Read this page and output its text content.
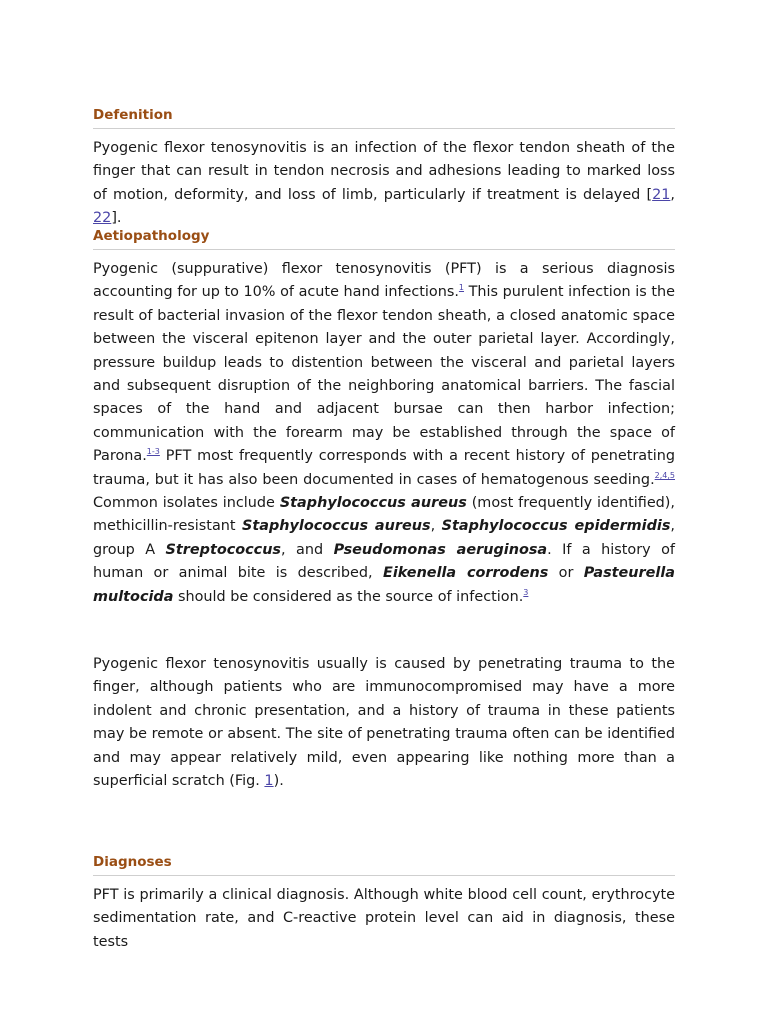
Defenition

Pyogenic flexor tenosynovitis is an infection of the flexor tendon sheath of the finger that can result in tendon necrosis and adhesions leading to marked loss of motion, deformity, and loss of limb, particularly if treatment is delayed [21, 22].

Aetiopathology

Pyogenic (suppurative) flexor tenosynovitis (PFT) is a serious diagnosis accounting for up to 10% of acute hand infections.$^1$ This purulent infection is the result of bacterial invasion of the flexor tendon sheath, a closed anatomic space between the visceral epitenon layer and the outer parietal layer. Accordingly, pressure buildup leads to distention between the visceral and parietal layers and subsequent disruption of the neighboring anatomical barriers. The fascial spaces of the hand and adjacent bursae can then harbor infection; communication with the forearm may be established through the space of Parona.$^{1-3}$ PFT most frequently corresponds with a recent history of penetrating trauma, but it has also been documented in cases of hematogenous seeding.$^{2,4,5}$ Common isolates include Staphylococcus aureus (most frequently identified), methicillin-resistant Staphylococcus aureus, Staphylococcus epidermidis, group A Streptococcus, and Pseudomonas aeruginosa. If a history of human or animal bite is described, Eikenella corrodens or Pasteurella multocida should be considered as the source of infection.$^3$

Pyogenic flexor tenosynovitis usually is caused by penetrating trauma to the finger, although patients who are immunocompromised may have a more indolent and chronic presentation, and a history of trauma in these patients may be remote or absent. The site of penetrating trauma often can be identified and may appear relatively mild, even appearing like nothing more than a superficial scratch (Fig. 1).

Diagnoses

PFT is primarily a clinical diagnosis. Although white blood cell count, erythrocyte sedimentation rate, and C-reactive protein level can aid in diagnosis, these tests
